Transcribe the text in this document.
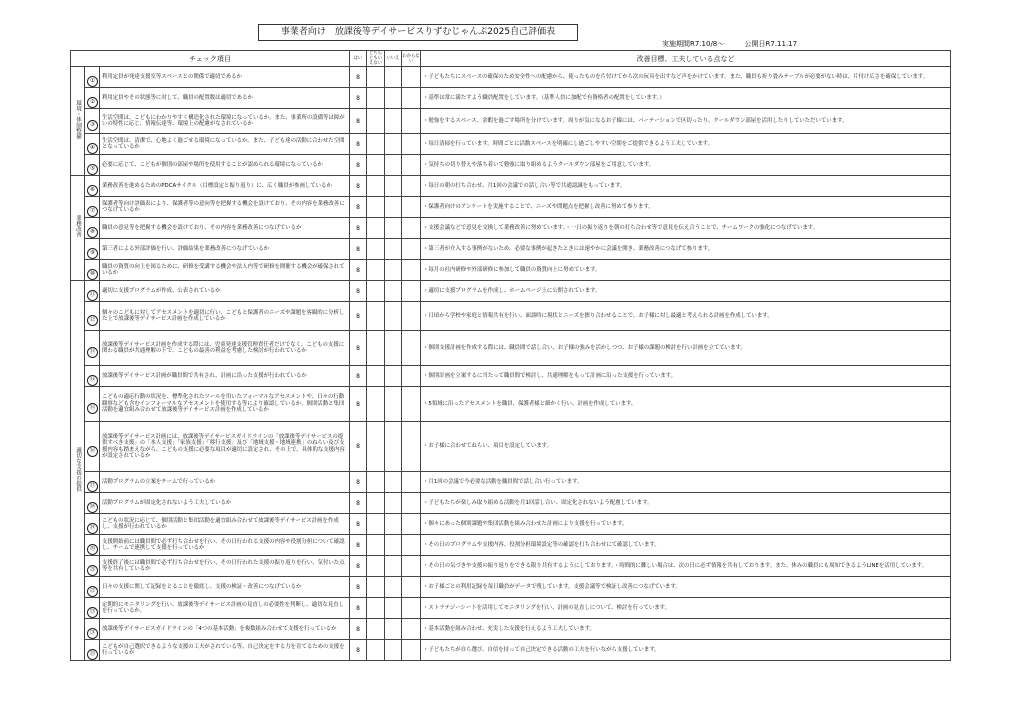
事業者向け　放課後等デイサービスりずむじゃんぷ2025自己評価表
実施期間R7.10/8～	公開日R7.11.17
チェック項目			はい	どちらともいえない	いいえ	わからない	改善目標、工夫している点など
環境・体制整備	①	利用定員が発達支援室等スペースとの関係で適切であるか	8				・子どもたちにスペースの確保のため安全性への配慮から、使ったものを片付けてから次の玩具を出すなど声をかけています。また、職員も折り畳みテーブルが必要がない時は、片付け広さを確保しています。
	②	利用定員やその状態等に対して、職員の配置数は適切であるか	8				・基準は常に満たすよう職員配置をしています。（基準人員に加配で有資格者の配置をしています。）
	③	生活空間は、こどもにわかりやすく構造化された環境になっているか。また、事業所の設備等は障がいの特性に応じ、情報伝達等、環境上の配慮がなされているか	8				・勉強をするスペース、余暇を過ごす場所を分けています。周りが気になるお子様には、パーテーションで区切ったり、クールダウン部屋を活用したりしていただいています。
	④	生活空間は、清潔で、心地よく過ごせる環境になっているか。また、子ども達の活動に合わせた空間となっているか	8				・毎日清掃を行っています。時間ごとに活動スペースを明確にし過ごしやすい空間をご提供できるよう工夫しています。
	⑤	必要に応じて、こどもが個別の部屋や場所を使用することが認められる環境になっているか	8				・気持ちの切り替えや落ち着いて勉強に取り組めるようクールダウン部屋をご用意しています。
業務改善	⑥	業務改善を進めるためのPDCAサイクル（目標設定と振り返り）に、広く職員が参画しているか	8				・毎日の朝の打ち合わせ、月1回の会議での話し合い等で共通認識をもっています。
	⑦	保護者等向け評価表により、保護者等の意向等を把握する機会を設けており、その内容を業務改善につなげているか	8				・保護者向けのアンケートを実施することで、ニーズや問題点を把握し改善に努めて参ります。
	⑧	職員の意見等を把握する機会を設けており、その内容を業務改善につなげているか	8				・支援会議などで意見を交換して業務改善に努めています。・一日の振り返りを朝の打ち合わせ等で意見を伝え合うことで、チームワークの強化につなげています。
	⑨	第三者による外部評価を行い、評価結果を業務改善につなげているか	8				・第三者が介入する事例がないため、必要な事例が起きたときには速やかに会議を開き、業務改善につなげて参ります。
	⑩	職員の資質の向上を図るために、研修を受講する機会や法人内等で研修を開催する機会が確保されているか	8				・毎月の社内研修や外部研修に参加して職員の資質向上に努めています。
適切な支援の提供	⑪	適切に支援プログラムが作成、公表されているか	8				・適切に支援プログラムを作成し、ホームページ上に公開されています。
	⑫	個々のこどもに対してアセスメントを適切に行い、こどもと保護者のニーズや課題を客観的に分析した上で放課後等デイサービス計画を作成しているか	8				・日頃から学校や家庭と情報共有を行い、面談時に現状とニーズを擦り合わせることで、お子様に対し最適と考えられる計画を作成しています。
	⑬	放課後等デイサービス計画を作成する際には、児童発達支援管理責任者だけでなく、こどもの支援に関わる職員が共通理解の下で、こどもの最善の利益を考慮した検討が行われているか	8				・個別支援計画を作成する際には、職員間で話し合い、お子様の強みを活かしつつ、お子様の課題の検討を行い計画を立てています。
	⑭	放課後等デイサービス計画が職員間で共有され、計画に沿った支援が行われているか	8				・個別計画を立案するに当たって職員間で検討し、共通理解をもって計画に沿った支援を行っています。
	⑮	こどもの適応行動の状況を、標準化されたツールを用いたフォーマルなアセスメントや、日々の行動観察なども含むインフォーマルなアセスメントを使用する等により確認しているか。個別活動と集団活動を適宜組み合わせて放課後等デイサービス計画を作成しているか	8				・5領域に沿ったアセスメントを職員、保護者様と細かく行い、計画を作成しています。
	⑯	放課後等デイサービス計画には、放課後等デイサービスガイドラインの「放課後等デイサービスの提供すべき支援」の「本人支援」「家族支援」「移行支援」及び「地域支援・地域連携」のねらい及び支援内容も踏まえながら、こどもの支援に必要な項目が適切に設定され、その上で、具体的な支援内容が設定されているか	8				・お子様に合わせてねらい、項目を設定しています。
	⑰	活動プログラムの立案をチームで行っているか	8				・月1回の会議で今必要な活動を職員間で話し合い行っています。
	⑱	活動プログラムが固定化されないよう工夫しているか	8				・子どもたちが楽しみ取り組める活動を月1回話し合い、固定化されないよう配慮しています。
	⑲	こどもの状況に応じて、個別活動と集団活動を適宜組み合わせて放課後等デイサービス計画を作成し、支援が行われているか	8				・個々にあった個別課題や集団活動を組み合わせた計画により支援を行っています。
	⑳	支援開始前には職員間で必ず打ち合わせを行い、その日行われる支援の内容や役割分担について確認し、チームで連携して支援を行っているか	8				・その日のプログラムや支援内容、役割分担環境設定等の確認を打ち合わせにて確認しています。
	㉑	支援終了後には職員間で必ず打ち合わせを行い、その日行われた支援の振り返りを行い、気付いた点等を共有しているか	8				・その日の気づきや支援の振り返りをできる限り共有するようにしております。・時間的に難しい場合は、次の日に必ず情報を共有しております。また、休みの職員にも周知できるようLINEを活用しています。
	㉒	日々の支援に関して記録をとることを徹底し、支援の検証・改善につなげているか	8				・お子様ごとの利用記録を毎日職員がデータで残しています。支援会議等で検証し改善につなげています。
	㉓	定期的にモニタリングを行い、放課後等デイサービス計画の見直しの必要性を判断し、適切な見直しを行っているか。	8				・ストラテジーシートを活用してモニタリングを行い、計画の見直しについて、検討を行っています。
	㉔	放課後等デイサービスガイドラインの「4つの基本活動」を複数組み合わせて支援を行っているか	8				・基本活動を組み合わせ、充実した支援を行えるよう工夫しています。
	㉕	こどもが自己選択できるような支援の工夫がされている等、自己決定をする力を育てるための支援を行っているか	8				・子どもたちが自ら選び、自信を持って自己決定できる活動の工夫を行いながら支援しています。
